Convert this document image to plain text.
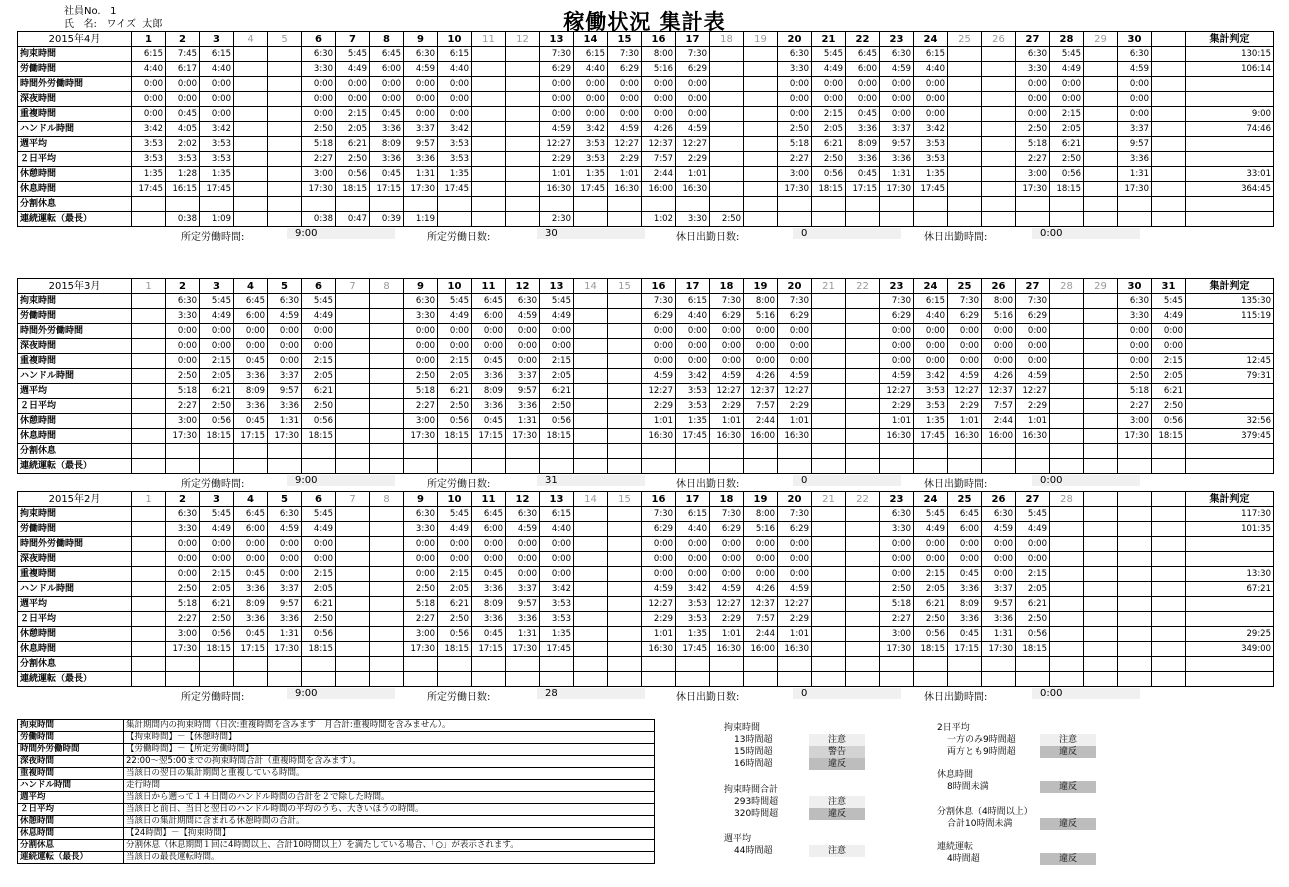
社員No.   1
氏   名:   ワイズ  太郎	稼働状況 集計表
2015年4月	1	2	3	4	5	6	7	8	9	10	11	12	13	14	15	16	17	18	19	20	21	22	23	24	25	26	27	28	29	30		集計判定
拘束時間	6:15	7:45	6:15			6:30	5:45	6:45	6:30	6:15			7:30	6:15	7:30	8:00	7:30			6:30	5:45	6:45	6:30	6:15			6:30	5:45		6:30		130:15
労働時間	4:40	6:17	4:40			3:30	4:49	6:00	4:59	4:40			6:29	4:40	6:29	5:16	6:29			3:30	4:49	6:00	4:59	4:40			3:30	4:49		4:59		106:14
時間外労働時間	0:00	0:00	0:00			0:00	0:00	0:00	0:00	0:00			0:00	0:00	0:00	0:00	0:00			0:00	0:00	0:00	0:00	0:00			0:00	0:00		0:00		
深夜時間	0:00	0:00	0:00			0:00	0:00	0:00	0:00	0:00			0:00	0:00	0:00	0:00	0:00			0:00	0:00	0:00	0:00	0:00			0:00	0:00		0:00		
重複時間	0:00	0:45	0:00			0:00	2:15	0:45	0:00	0:00			0:00	0:00	0:00	0:00	0:00			0:00	2:15	0:45	0:00	0:00			0:00	2:15		0:00		9:00
ハンドル時間	3:42	4:05	3:42			2:50	2:05	3:36	3:37	3:42			4:59	3:42	4:59	4:26	4:59			2:50	2:05	3:36	3:37	3:42			2:50	2:05		3:37		74:46
週平均	3:53	2:02	3:53			5:18	6:21	8:09	9:57	3:53			12:27	3:53	12:27	12:37	12:27			5:18	6:21	8:09	9:57	3:53			5:18	6:21		9:57		
２日平均	3:53	3:53	3:53			2:27	2:50	3:36	3:36	3:53			2:29	3:53	2:29	7:57	2:29			2:27	2:50	3:36	3:36	3:53			2:27	2:50		3:36		
休憩時間	1:35	1:28	1:35			3:00	0:56	0:45	1:31	1:35			1:01	1:35	1:01	2:44	1:01			3:00	0:56	0:45	1:31	1:35			3:00	0:56		1:31		33:01
休息時間	17:45	16:15	17:45			17:30	18:15	17:15	17:30	17:45			16:30	17:45	16:30	16:00	16:30			17:30	18:15	17:15	17:30	17:45			17:30	18:15		17:30		364:45
分割休息																																
連続運転（最長）		0:38	1:09			0:38	0:47	0:39	1:19				2:30			1:02	3:30	2:50														
所定労働時間:	9:00	所定労働日数:	30	休日出勤日数:	0	休日出勤時間:	0:00
2015年3月	1	2	3	4	5	6	7	8	9	10	11	12	13	14	15	16	17	18	19	20	21	22	23	24	25	26	27	28	29	30	31	集計判定
拘束時間		6:30	5:45	6:45	6:30	5:45			6:30	5:45	6:45	6:30	5:45			7:30	6:15	7:30	8:00	7:30			7:30	6:15	7:30	8:00	7:30			6:30	5:45	135:30
労働時間		3:30	4:49	6:00	4:59	4:49			3:30	4:49	6:00	4:59	4:49			6:29	4:40	6:29	5:16	6:29			6:29	4:40	6:29	5:16	6:29			3:30	4:49	115:19
時間外労働時間		0:00	0:00	0:00	0:00	0:00			0:00	0:00	0:00	0:00	0:00			0:00	0:00	0:00	0:00	0:00			0:00	0:00	0:00	0:00	0:00			0:00	0:00	
深夜時間		0:00	0:00	0:00	0:00	0:00			0:00	0:00	0:00	0:00	0:00			0:00	0:00	0:00	0:00	0:00			0:00	0:00	0:00	0:00	0:00			0:00	0:00	
重複時間		0:00	2:15	0:45	0:00	2:15			0:00	2:15	0:45	0:00	2:15			0:00	0:00	0:00	0:00	0:00			0:00	0:00	0:00	0:00	0:00			0:00	2:15	12:45
ハンドル時間		2:50	2:05	3:36	3:37	2:05			2:50	2:05	3:36	3:37	2:05			4:59	3:42	4:59	4:26	4:59			4:59	3:42	4:59	4:26	4:59			2:50	2:05	79:31
週平均		5:18	6:21	8:09	9:57	6:21			5:18	6:21	8:09	9:57	6:21			12:27	3:53	12:27	12:37	12:27			12:27	3:53	12:27	12:37	12:27			5:18	6:21	
２日平均		2:27	2:50	3:36	3:36	2:50			2:27	2:50	3:36	3:36	2:50			2:29	3:53	2:29	7:57	2:29			2:29	3:53	2:29	7:57	2:29			2:27	2:50	
休憩時間		3:00	0:56	0:45	1:31	0:56			3:00	0:56	0:45	1:31	0:56			1:01	1:35	1:01	2:44	1:01			1:01	1:35	1:01	2:44	1:01			3:00	0:56	32:56
休息時間		17:30	18:15	17:15	17:30	18:15			17:30	18:15	17:15	17:30	18:15			16:30	17:45	16:30	16:00	16:30			16:30	17:45	16:30	16:00	16:30			17:30	18:15	379:45
分割休息																																
連続運転（最長）																																
所定労働時間:	9:00	所定労働日数:	31	休日出勤日数:	0	休日出勤時間:	0:00
2015年2月	1	2	3	4	5	6	7	8	9	10	11	12	13	14	15	16	17	18	19	20	21	22	23	24	25	26	27	28				集計判定
拘束時間		6:30	5:45	6:45	6:30	5:45			6:30	5:45	6:45	6:30	6:15			7:30	6:15	7:30	8:00	7:30			6:30	5:45	6:45	6:30	5:45					117:30
労働時間		3:30	4:49	6:00	4:59	4:49			3:30	4:49	6:00	4:59	4:40			6:29	4:40	6:29	5:16	6:29			3:30	4:49	6:00	4:59	4:49					101:35
時間外労働時間		0:00	0:00	0:00	0:00	0:00			0:00	0:00	0:00	0:00	0:00			0:00	0:00	0:00	0:00	0:00			0:00	0:00	0:00	0:00	0:00					
深夜時間		0:00	0:00	0:00	0:00	0:00			0:00	0:00	0:00	0:00	0:00			0:00	0:00	0:00	0:00	0:00			0:00	0:00	0:00	0:00	0:00					
重複時間		0:00	2:15	0:45	0:00	2:15			0:00	2:15	0:45	0:00	0:00			0:00	0:00	0:00	0:00	0:00			0:00	2:15	0:45	0:00	2:15					13:30
ハンドル時間		2:50	2:05	3:36	3:37	2:05			2:50	2:05	3:36	3:37	3:42			4:59	3:42	4:59	4:26	4:59			2:50	2:05	3:36	3:37	2:05					67:21
週平均		5:18	6:21	8:09	9:57	6:21			5:18	6:21	8:09	9:57	3:53			12:27	3:53	12:27	12:37	12:27			5:18	6:21	8:09	9:57	6:21					
２日平均		2:27	2:50	3:36	3:36	2:50			2:27	2:50	3:36	3:36	3:53			2:29	3:53	2:29	7:57	2:29			2:27	2:50	3:36	3:36	2:50					
休憩時間		3:00	0:56	0:45	1:31	0:56			3:00	0:56	0:45	1:31	1:35			1:01	1:35	1:01	2:44	1:01			3:00	0:56	0:45	1:31	0:56					29:25
休息時間		17:30	18:15	17:15	17:30	18:15			17:30	18:15	17:15	17:30	17:45			16:30	17:45	16:30	16:00	16:30			17:30	18:15	17:15	17:30	18:15					349:00
分割休息																																
連続運転（最長）																																
所定労働時間:	9:00	所定労働日数:	28	休日出勤日数:	0	休日出勤時間:	0:00
拘束時間	集計期間内の拘束時間（日次:重複時間を含みます　月合計:重複時間を含みません）。
労働時間	【拘束時間】－【休憩時間】
時間外労働時間	【労働時間】－【所定労働時間】
深夜時間	22:00～翌5:00までの拘束時間合計（重複時間を含みます）。
重複時間	当該日の翌日の集計期間と重複している時間。
ハンドル時間	走行時間
週平均	当該日から遡って１４日間のハンドル時間の合計を２で除した時間。
２日平均	当該日と前日、当日と翌日のハンドル時間の平均のうち、大きいほうの時間。
休憩時間	当該日の集計期間に含まれる休憩時間の合計。
休息時間	【24時間】－【拘束時間】
分割休息	分割休息（休息期間１回に4時間以上、合計10時間以上）を満たしている場合、「○」が表示されます。
連続運転（最長）	当該日の最長運転時間。
拘束時間
13時間超	注意
15時間超	警告
16時間超	違反
拘束時間合計
293時間超	注意
320時間超	違反
週平均
44時間超	注意
2日平均
一方のみ9時間超	注意
両方とも9時間超	違反
休息時間
8時間未満	違反
分割休息（4時間以上）
合計10時間未満	違反
連続運転
4時間超	違反
